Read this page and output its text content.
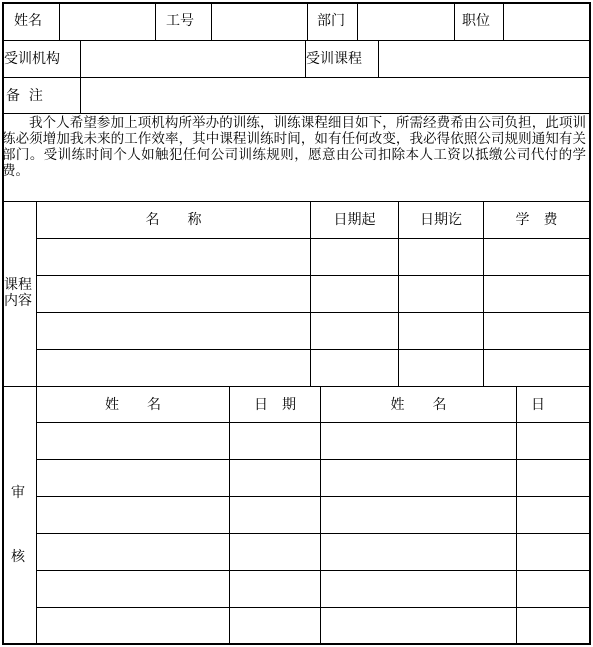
姓名	工号	部门	职位
受训机构	受训课程
备  注
我个人希望参加上项机构所举办的训练，训练课程细目如下，所需经费希由公司负担，此项训练必须增加我未来的工作效率，其中课程训练时间，如有任何改变，我必得依照公司规则通知有关部门。受训练时间个人如触犯任何公司训练规则，愿意由公司扣除本人工资以抵缴公司代付的学费。
课程内容
名　　称	日期起	日期讫	学　费
审
核
姓　　名	日　期	姓　　名	日
